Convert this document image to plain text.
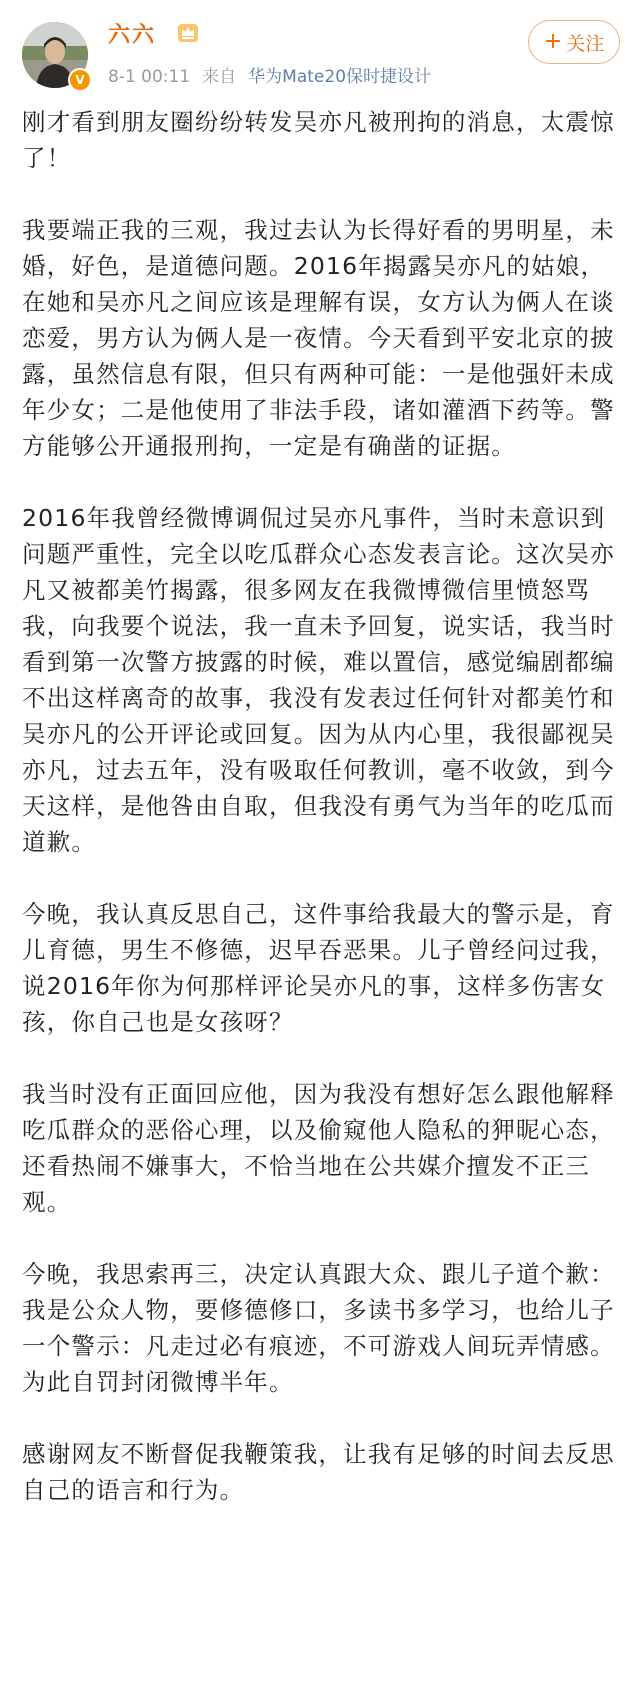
V
六六
8-1 00:11 来自 华为Mate20保时捷设计
+ 关注

刚才看到朋友圈纷纷转发吴亦凡被刑拘的消息，太震惊了！

我要端正我的三观，我过去认为长得好看的男明星，未婚，好色，是道德问题。2016年揭露吴亦凡的姑娘，在她和吴亦凡之间应该是理解有误，女方认为俩人在谈恋爱，男方认为俩人是一夜情。今天看到平安北京的披露，虽然信息有限，但只有两种可能：一是他强奸未成年少女；二是他使用了非法手段，诸如灌酒下药等。警方能够公开通报刑拘，一定是有确凿的证据。

2016年我曾经微博调侃过吴亦凡事件，当时未意识到问题严重性，完全以吃瓜群众心态发表言论。这次吴亦凡又被都美竹揭露，很多网友在我微博微信里愤怒骂我，向我要个说法，我一直未予回复，说实话，我当时看到第一次警方披露的时候，难以置信，感觉编剧都编不出这样离奇的故事，我没有发表过任何针对都美竹和吴亦凡的公开评论或回复。因为从内心里，我很鄙视吴亦凡，过去五年，没有吸取任何教训，毫不收敛，到今天这样，是他咎由自取，但我没有勇气为当年的吃瓜而道歉。

今晚，我认真反思自己，这件事给我最大的警示是，育儿育德，男生不修德，迟早吞恶果。儿子曾经问过我，说2016年你为何那样评论吴亦凡的事，这样多伤害女孩，你自己也是女孩呀？

我当时没有正面回应他，因为我没有想好怎么跟他解释吃瓜群众的恶俗心理，以及偷窥他人隐私的狎昵心态，还看热闹不嫌事大，不恰当地在公共媒介擅发不正三观。

今晚，我思索再三，决定认真跟大众、跟儿子道个歉：我是公众人物，要修德修口，多读书多学习，也给儿子一个警示：凡走过必有痕迹，不可游戏人间玩弄情感。为此自罚封闭微博半年。

感谢网友不断督促我鞭策我，让我有足够的时间去反思自己的语言和行为。
